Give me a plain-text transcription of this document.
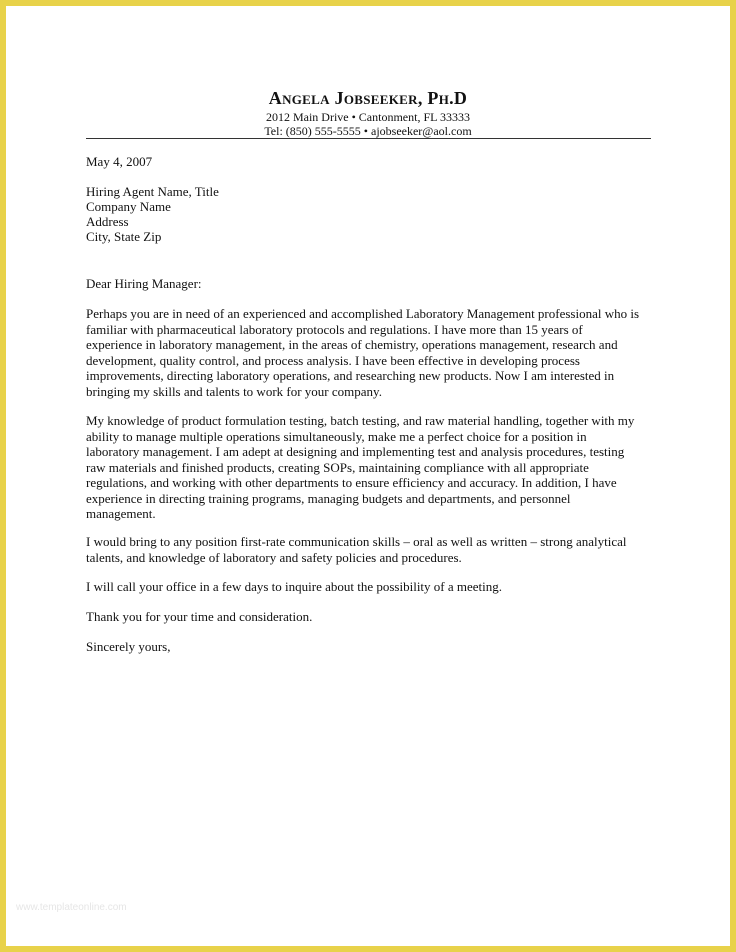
Angela Jobseeker, Ph.D
2012 Main Drive • Cantonment, FL 33333
Tel: (850) 555-5555 • ajobseeker@aol.com
May 4, 2007
Hiring Agent Name, Title
Company Name
Address
City, State Zip
Dear Hiring Manager:
Perhaps you are in need of an experienced and accomplished Laboratory Management professional who is
familiar with pharmaceutical laboratory protocols and regulations. I have more than 15 years of
experience in laboratory management, in the areas of chemistry, operations management, research and
development, quality control, and process analysis. I have been effective in developing process
improvements, directing laboratory operations, and researching new products. Now I am interested in
bringing my skills and talents to work for your company.
My knowledge of product formulation testing, batch testing, and raw material handling, together with my
ability to manage multiple operations simultaneously, make me a perfect choice for a position in
laboratory management. I am adept at designing and implementing test and analysis procedures, testing
raw materials and finished products, creating SOPs, maintaining compliance with all appropriate
regulations, and working with other departments to ensure efficiency and accuracy. In addition, I have
experience in directing training programs, managing budgets and departments, and personnel
management.
I would bring to any position first-rate communication skills – oral as well as written – strong analytical
talents, and knowledge of laboratory and safety policies and procedures.
I will call your office in a few days to inquire about the possibility of a meeting.
Thank you for your time and consideration.
Sincerely yours,
www.templateonline.com
